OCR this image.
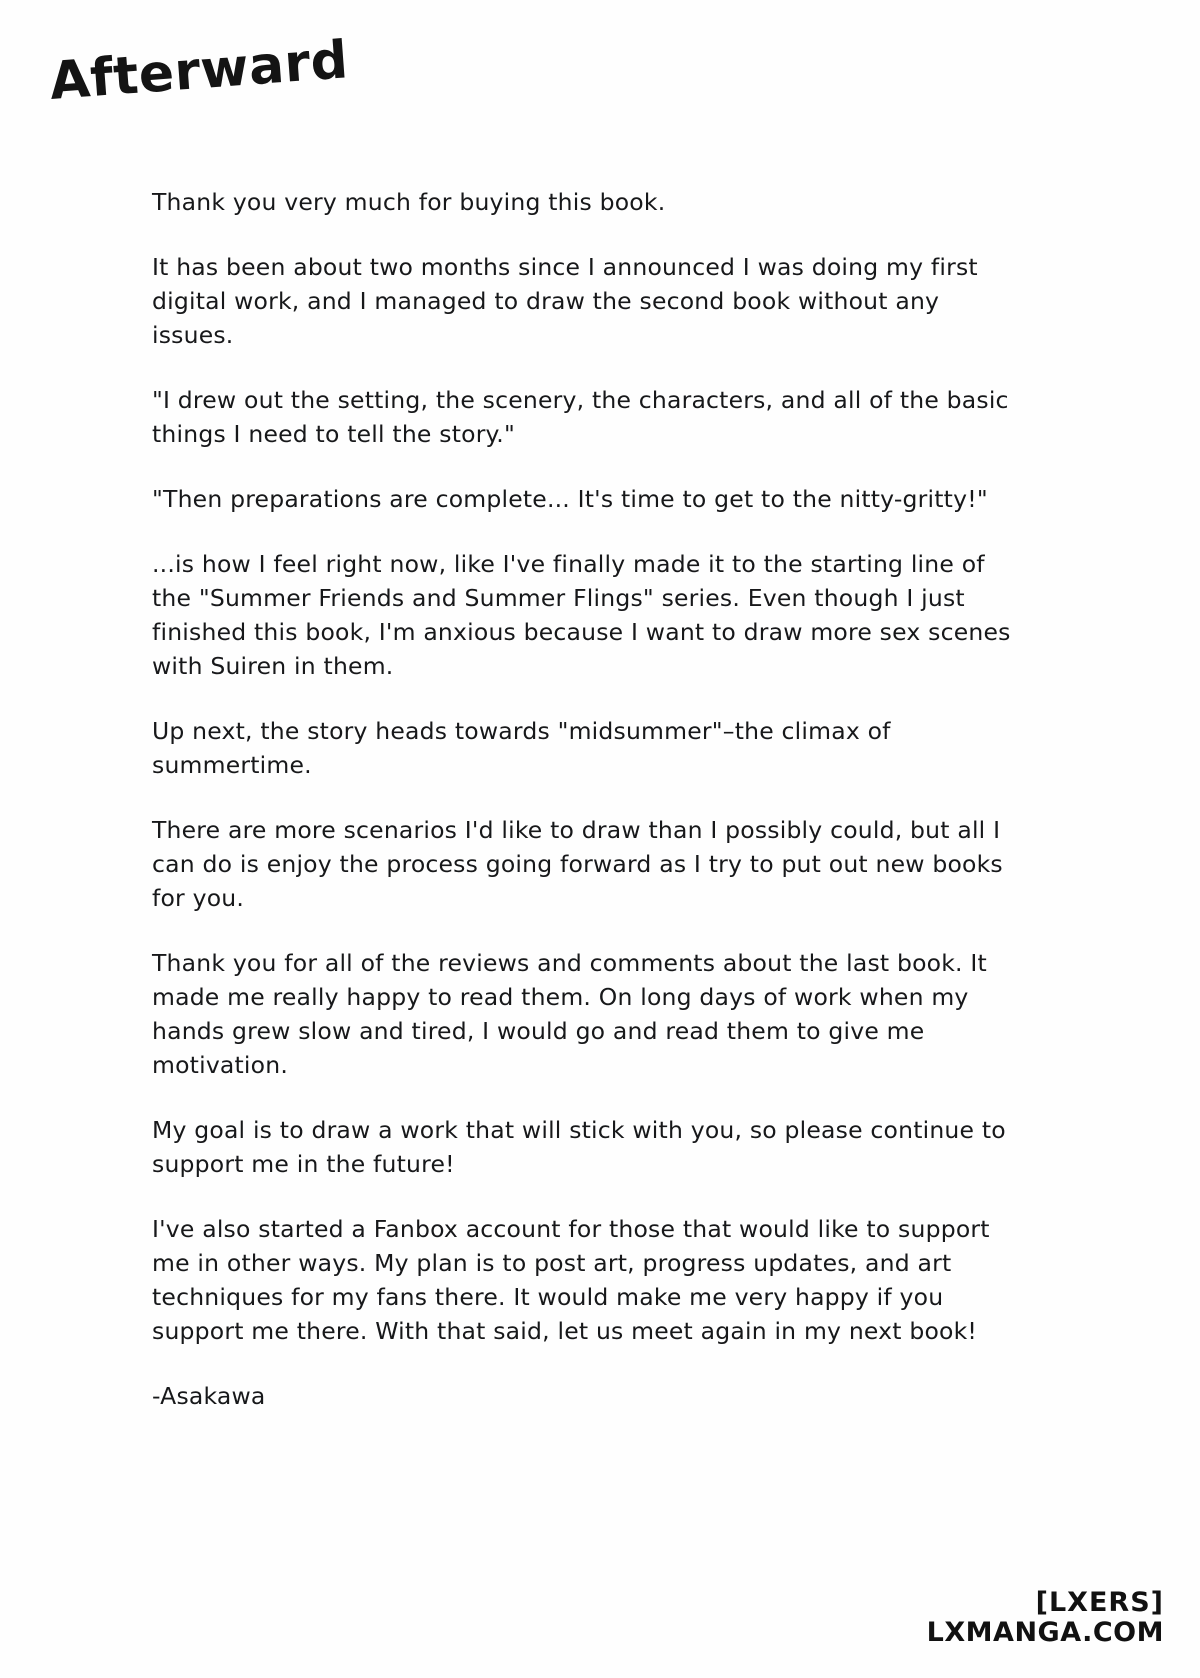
Afterward

Thank you very much for buying this book.

It has been about two months since I announced I was doing my first digital work, and I managed to draw the second book without any issues.

"I drew out the setting, the scenery, the characters, and all of the basic things I need to tell the story."

"Then preparations are complete... It's time to get to the nitty-gritty!"

...is how I feel right now, like I've finally made it to the starting line of the "Summer Friends and Summer Flings" series. Even though I just finished this book, I'm anxious because I want to draw more sex scenes with Suiren in them.

Up next, the story heads towards "midsummer"–the climax of summertime.

There are more scenarios I'd like to draw than I possibly could, but all I can do is enjoy the process going forward as I try to put out new books for you.

Thank you for all of the reviews and comments about the last book. It made me really happy to read them. On long days of work when my hands grew slow and tired, I would go and read them to give me motivation.

My goal is to draw a work that will stick with you, so please continue to support me in the future!

I've also started a Fanbox account for those that would like to support me in other ways. My plan is to post art, progress updates, and art techniques for my fans there. It would make me very happy if you support me there. With that said, let us meet again in my next book!

-Asakawa

[LXERS]
LXMANGA.COM
